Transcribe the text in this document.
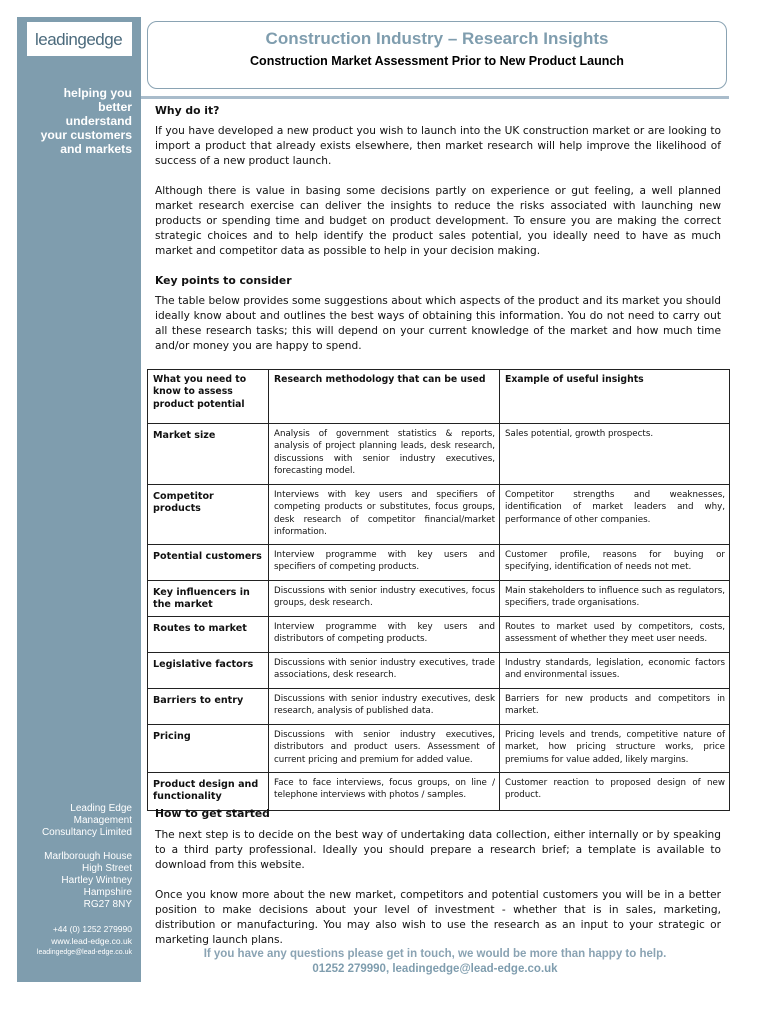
leadingedge
helping you
better
understand
your customers
and markets
Leading Edge
Management
Consultancy Limited
Marlborough House
High Street
Hartley Wintney
Hampshire
RG27 8NY
+44 (0) 1252 279990
www.lead-edge.co.uk
leadingedge@lead-edge.co.uk
Construction Industry – Research Insights
Construction Market Assessment Prior to New Product Launch
Why do it?

If you have developed a new product you wish to launch into the UK construction market or are looking to import a product that already exists elsewhere, then market research will help improve the likelihood of success of a new product launch.

Although there is value in basing some decisions partly on experience or gut feeling, a well planned market research exercise can deliver the insights to reduce the risks associated with launching new products or spending time and budget on product development. To ensure you are making the correct strategic choices and to help identify the product sales potential, you ideally need to have as much market and competitor data as possible to help in your decision making.

Key points to consider

The table below provides some suggestions about which aspects of the product and its market you should ideally know about and outlines the best ways of obtaining this information. You do not need to carry out all these research tasks; this will depend on your current knowledge of the market and how much time and/or money you are happy to spend.

What you need to know to assess product potential	Research methodology that can be used	Example of useful insights
Market size	Analysis of government statistics & reports, analysis of project planning leads, desk research, discussions with senior industry executives, forecasting model.	Sales potential, growth prospects.
Competitor products	Interviews with key users and specifiers of competing products or substitutes, focus groups, desk research of competitor financial/market information.	Competitor strengths and weaknesses, identification of market leaders and why, performance of other companies.
Potential customers	Interview programme with key users and specifiers of competing products.	Customer profile, reasons for buying or specifying, identification of needs not met.
Key influencers in the market	Discussions with senior industry executives, focus groups, desk research.	Main stakeholders to influence such as regulators, specifiers, trade organisations.
Routes to market	Interview programme with key users and distributors of competing products.	Routes to market used by competitors, costs, assessment of whether they meet user needs.
Legislative factors	Discussions with senior industry executives, trade associations, desk research.	Industry standards, legislation, economic factors and environmental issues.
Barriers to entry	Discussions with senior industry executives, desk research, analysis of published data.	Barriers for new products and competitors in market.
Pricing	Discussions with senior industry executives, distributors and product users. Assessment of current pricing and premium for added value.	Pricing levels and trends, competitive nature of market, how pricing structure works, price premiums for value added, likely margins.
Product design and functionality	Face to face interviews, focus groups, on line / telephone interviews with photos / samples.	Customer reaction to proposed design of new product.
How to get started

The next step is to decide on the best way of undertaking data collection, either internally or by speaking to a third party professional. Ideally you should prepare a research brief; a template is available to download from this website.

Once you know more about the new market, competitors and potential customers you will be in a better position to make decisions about your level of investment - whether that is in sales, marketing, distribution or manufacturing. You may also wish to use the research as an input to your strategic or marketing launch plans.

If you have any questions please get in touch, we would be more than happy to help.
01252 279990, leadingedge@lead-edge.co.uk
